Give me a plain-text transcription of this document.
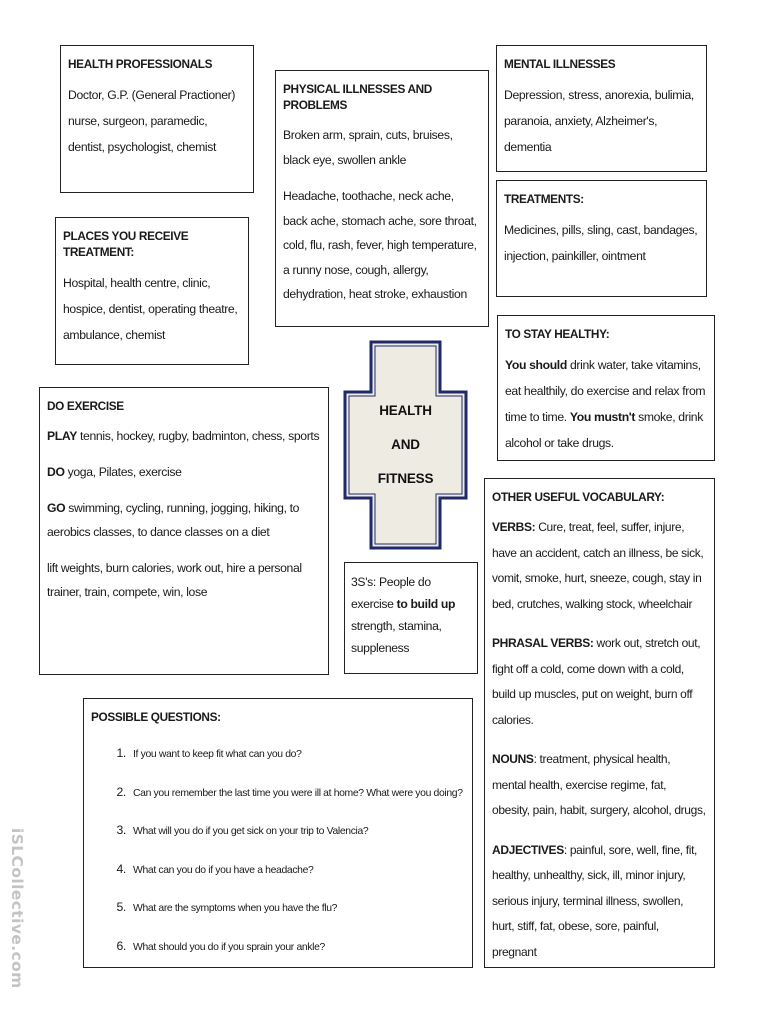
HEALTH PROFESSIONALS

Doctor, G.P. (General Practioner) nurse, surgeon, paramedic, dentist, psychologist, chemist

PLACES YOU RECEIVE TREATMENT:

Hospital, health centre, clinic, hospice, dentist, operating theatre, ambulance, chemist

PHYSICAL ILLNESSES AND PROBLEMS

Broken arm, sprain, cuts, bruises, black eye, swollen ankle

Headache, toothache, neck ache, back ache, stomach ache, sore throat, cold, flu, rash, fever, high temperature, a runny nose, cough, allergy, dehydration, heat stroke, exhaustion

MENTAL ILLNESSES

Depression, stress, anorexia, bulimia, paranoia, anxiety, Alzheimer's, dementia

TREATMENTS:

Medicines, pills, sling, cast, bandages, injection, painkiller, ointment

TO STAY HEALTHY:

You should drink water, take vitamins, eat healthily, do exercise and relax from time to time. You mustn't smoke, drink alcohol or take drugs.

DO EXERCISE

PLAY tennis, hockey, rugby, badminton, chess, sports

DO yoga, Pilates, exercise

GO swimming, cycling, running, jogging, hiking, to aerobics classes, to dance classes on a diet

lift weights, burn calories, work out, hire a personal trainer, train, compete, win, lose

HEALTH
AND
FITNESS
3S's: People do exercise to build up strength, stamina, suppleness
POSSIBLE QUESTIONS:
1. If you want to keep fit what can you do?
2. Can you remember the last time you were ill at home? What were you doing?
3. What will you do if you get sick on your trip to Valencia?
4. What can you do if you have a headache?
5. What are the symptoms when you have the flu?
6. What should you do if you sprain your ankle?
OTHER USEFUL VOCABULARY:

VERBS: Cure, treat, feel, suffer, injure, have an accident, catch an illness, be sick, vomit, smoke, hurt, sneeze, cough, stay in bed, crutches, walking stock, wheelchair

PHRASAL VERBS: work out, stretch out, fight off a cold, come down with a cold, build up muscles, put on weight, burn off calories.

NOUNS: treatment, physical health, mental health, exercise regime, fat, obesity, pain, habit, surgery, alcohol, drugs,

ADJECTIVES: painful, sore, well, fine, fit, healthy, unhealthy, sick, ill, minor injury, serious injury, terminal illness, swollen, hurt, stiff, fat, obese, sore, painful, pregnant

iSLCollective.com
